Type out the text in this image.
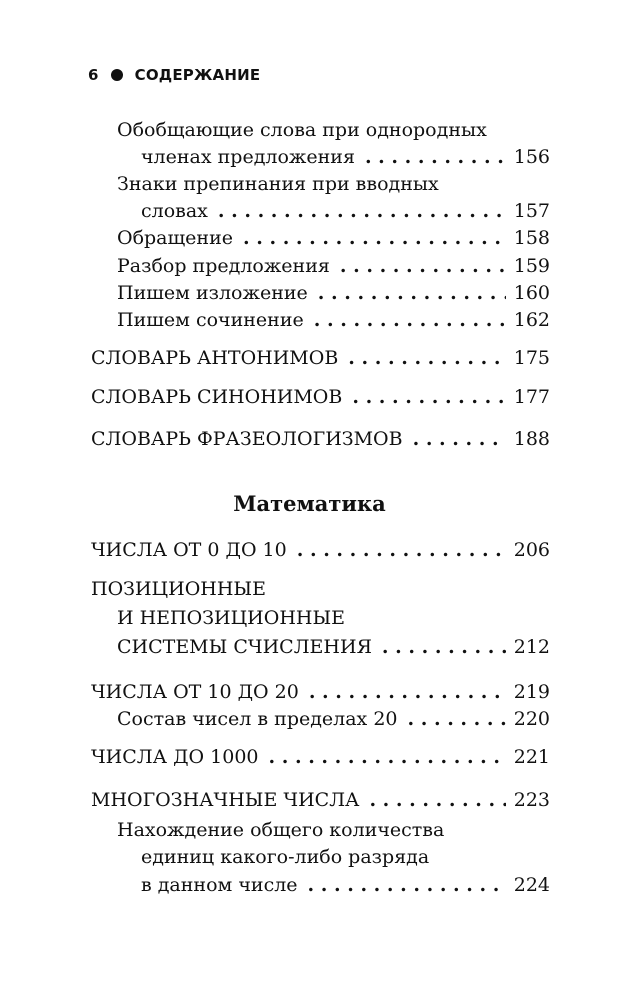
6 СОДЕРЖАНИЕ
Обобщающие слова при однородных
членах предложения . . .	156
Знаки препинания при вводных
словах . . .	157
Обращение . . .	158
Разбор предложения . . .	159
Пишем изложение . . .	160
Пишем сочинение . . .	162
СЛОВАРЬ АНТОНИМОВ . . .	175
СЛОВАРЬ СИНОНИМОВ . . .	177
СЛОВАРЬ ФРАЗЕОЛОГИЗМОВ . . .	188
Математика
ЧИСЛА ОТ 0 ДО 10 . . .	206
ПОЗИЦИОННЫЕ
И НЕПОЗИЦИОННЫЕ
СИСТЕМЫ СЧИСЛЕНИЯ . . .	212
ЧИСЛА ОТ 10 ДО 20 . . .	219
Состав чисел в пределах 20 . . .	220
ЧИСЛА ДО 1000 . . .	221
МНОГОЗНАЧНЫЕ ЧИСЛА . . .	223
Нахождение общего количества
единиц какого-либо разряда
в данном числе . . .	224
